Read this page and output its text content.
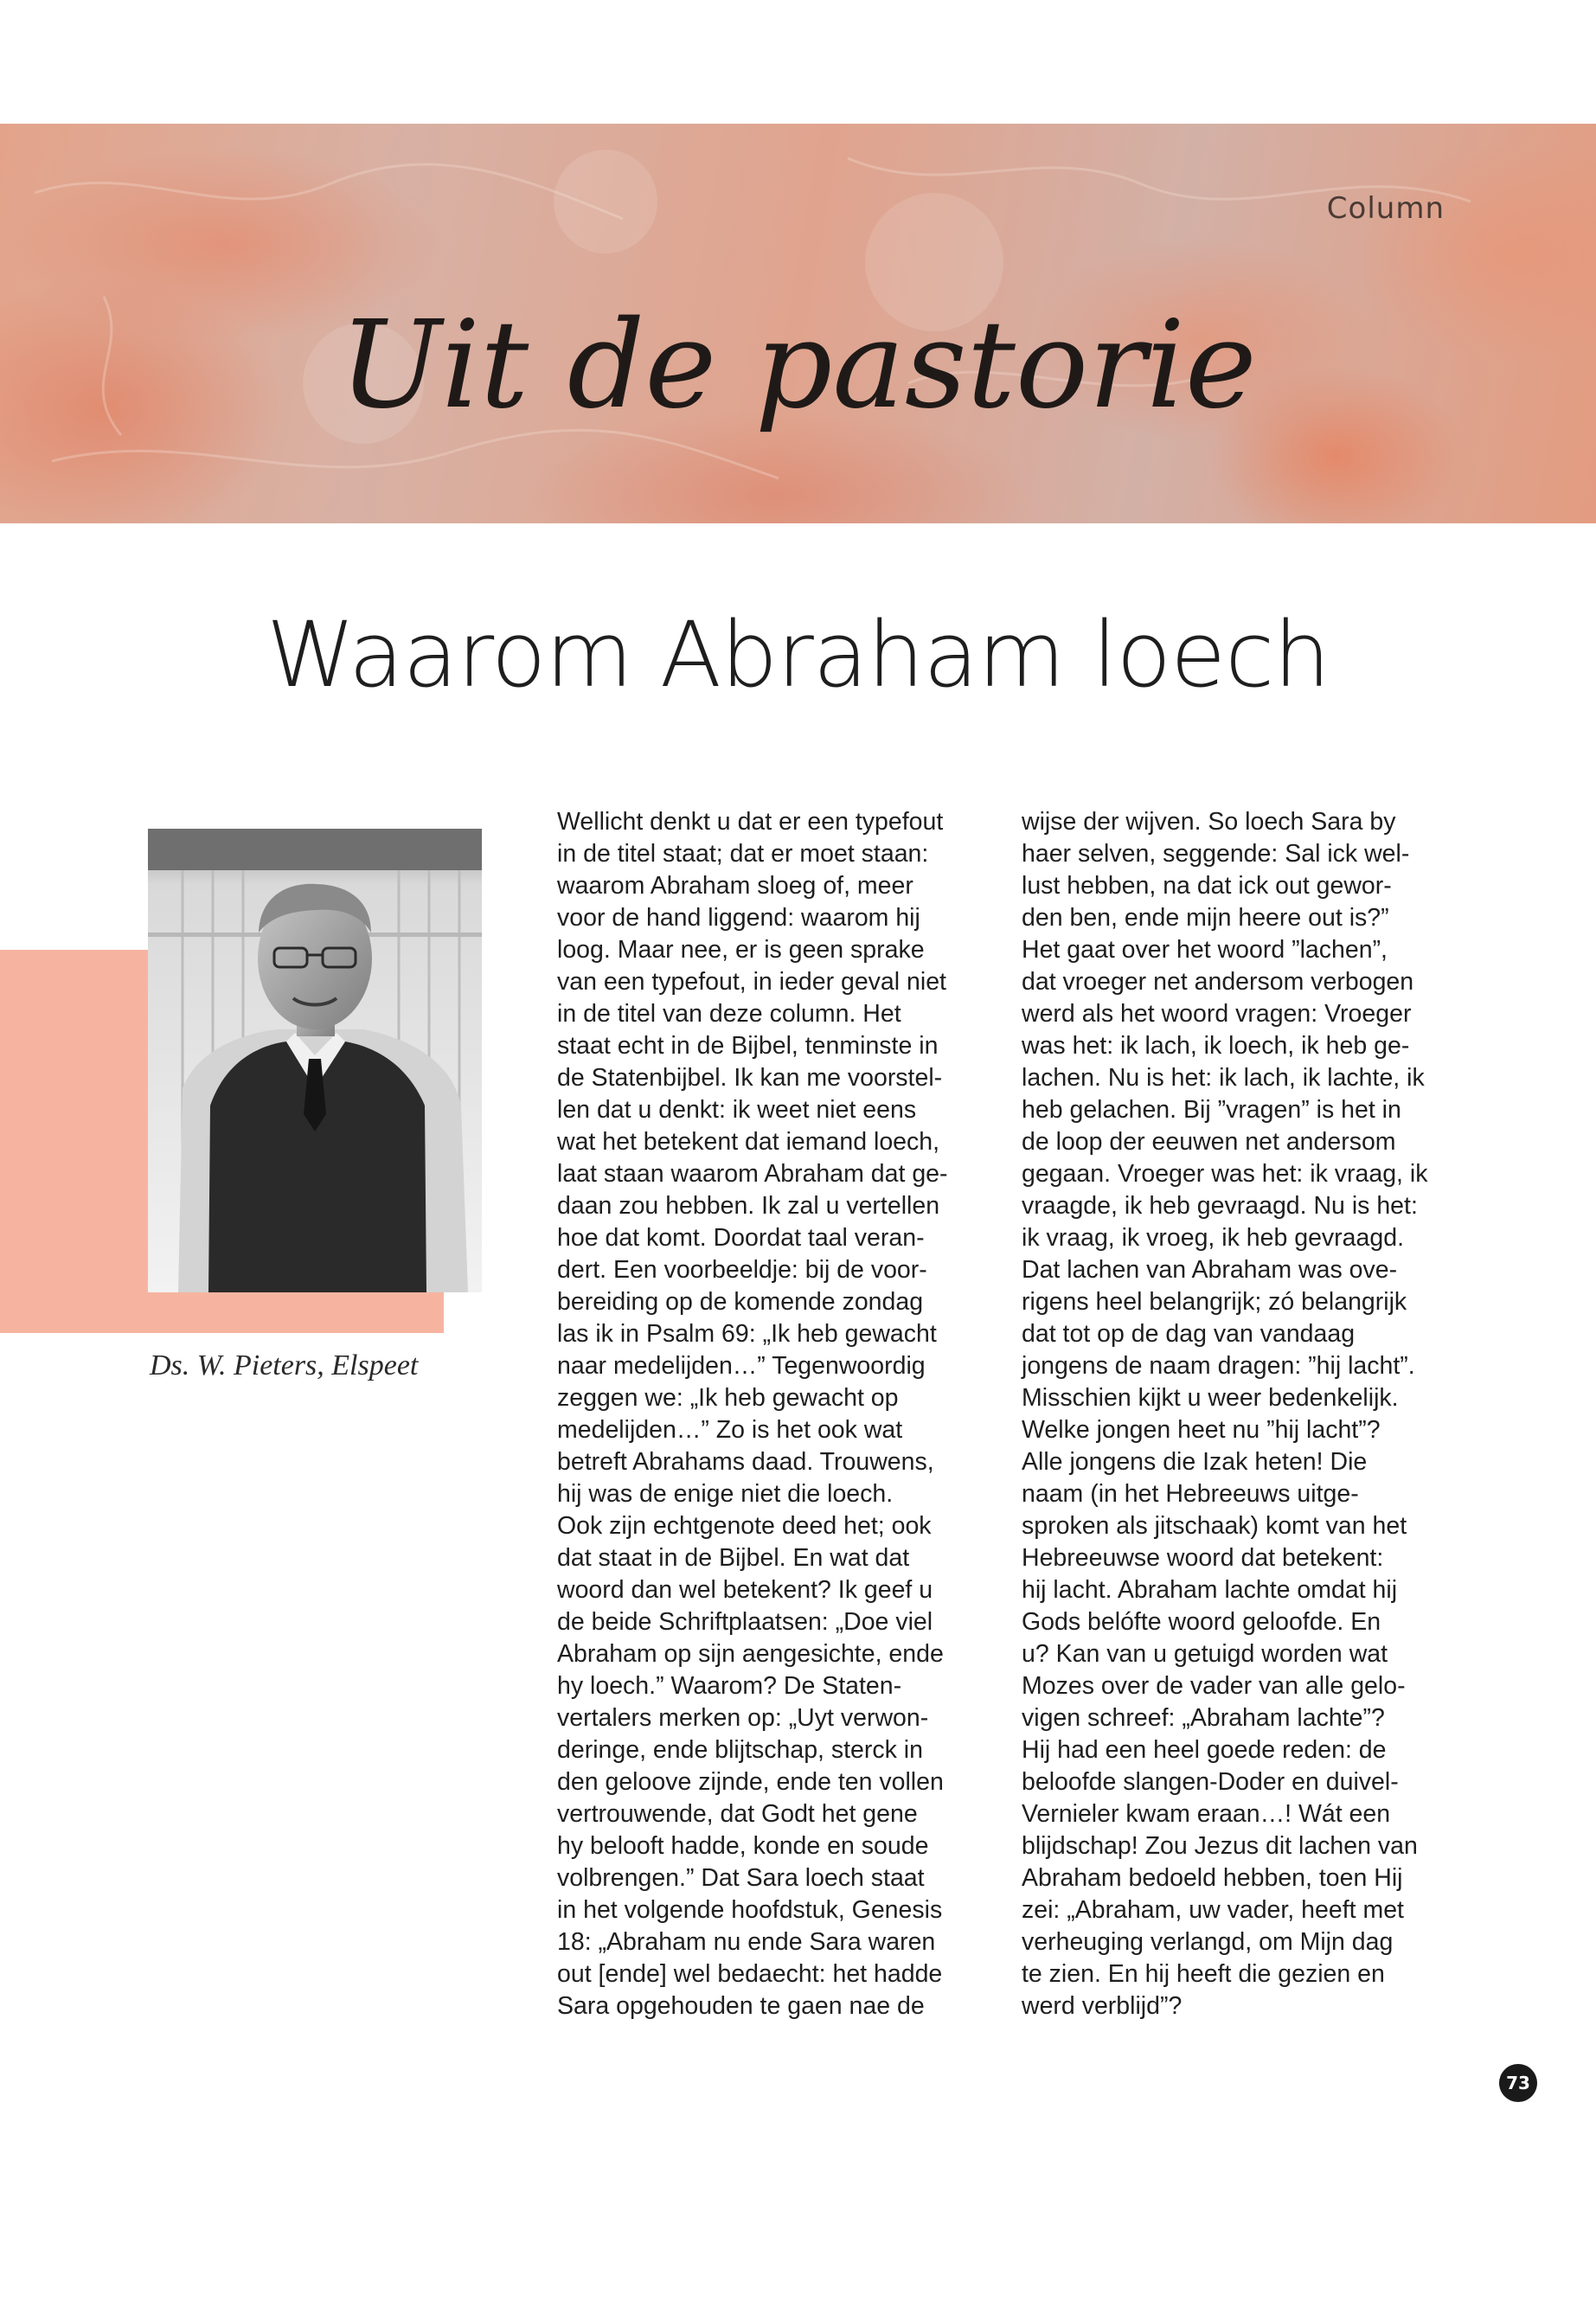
Column
Uit de pastorie
Waarom Abraham loech
Ds. W. Pieters, Elspeet
Wellicht denkt u dat er een typefout
in de titel staat; dat er moet staan:
waarom Abraham sloeg of, meer
voor de hand liggend: waarom hij
loog. Maar nee, er is geen sprake
van een typefout, in ieder geval niet
in de titel van deze column. Het
staat echt in de Bijbel, tenminste in
de Statenbijbel. Ik kan me voorstel-
len dat u denkt: ik weet niet eens
wat het betekent dat iemand loech,
laat staan waarom Abraham dat ge-
daan zou hebben. Ik zal u vertellen
hoe dat komt. Doordat taal veran-
dert. Een voorbeeldje: bij de voor-
bereiding op de komende zondag
las ik in Psalm 69: „Ik heb gewacht
naar medelijden…” Tegenwoordig
zeggen we: „Ik heb gewacht op
medelijden…” Zo is het ook wat
betreft Abrahams daad. Trouwens,
hij was de enige niet die loech.
Ook zijn echtgenote deed het; ook
dat staat in de Bijbel. En wat dat
woord dan wel betekent? Ik geef u
de beide Schriftplaatsen: „Doe viel
Abraham op sijn aengesichte, ende
hy loech.” Waarom? De Staten-
vertalers merken op: „Uyt verwon-
deringe, ende blijtschap, sterck in
den geloove zijnde, ende ten vollen
vertrouwende, dat Godt het gene
hy belooft hadde, konde en soude
volbrengen.” Dat Sara loech staat
in het volgende hoofdstuk, Genesis
18: „Abraham nu ende Sara waren
out [ende] wel bedaecht: het hadde
Sara opgehouden te gaen nae de
wijse der wijven. So loech Sara by
haer selven, seggende: Sal ick wel-
lust hebben, na dat ick out gewor-
den ben, ende mijn heere out is?”
Het gaat over het woord ”lachen”,
dat vroeger net andersom verbogen
werd als het woord vragen: Vroeger
was het: ik lach, ik loech, ik heb ge-
lachen. Nu is het: ik lach, ik lachte, ik
heb gelachen. Bij ”vragen” is het in
de loop der eeuwen net andersom
gegaan. Vroeger was het: ik vraag, ik
vraagde, ik heb gevraagd. Nu is het:
ik vraag, ik vroeg, ik heb gevraagd.
Dat lachen van Abraham was ove-
rigens heel belangrijk; zó belangrijk
dat tot op de dag van vandaag
jongens de naam dragen: ”hij lacht”.
Misschien kijkt u weer bedenkelijk.
Welke jongen heet nu ”hij lacht”?
Alle jongens die Izak heten! Die
naam (in het Hebreeuws uitge-
sproken als jitschaak) komt van het
Hebreeuwse woord dat betekent:
hij lacht. Abraham lachte omdat hij
Gods belófte woord geloofde. En
u? Kan van u getuigd worden wat
Mozes over de vader van alle gelo-
vigen schreef: „Abraham lachte”?
Hij had een heel goede reden: de
beloofde slangen-Doder en duivel-
Vernieler kwam eraan…! Wát een
blijdschap! Zou Jezus dit lachen van
Abraham bedoeld hebben, toen Hij
zei: „Abraham, uw vader, heeft met
verheuging verlangd, om Mijn dag
te zien. En hij heeft die gezien en
werd verblijd”?
73
